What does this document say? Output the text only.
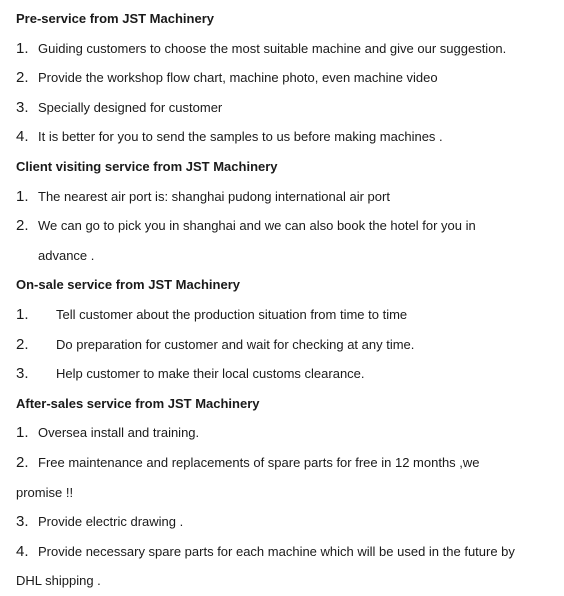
Pre-service from JST Machinery
1. Guiding customers to choose the most suitable machine and give our suggestion.
2. Provide the workshop flow chart, machine photo, even machine video
3. Specially designed for customer
4. It is better for you to send the samples to us before making machines .
Client visiting service from JST Machinery
1. The nearest air port is: shanghai pudong international air port
2. We can go to pick you in shanghai and we can also book the hotel for you in
advance .
On-sale service from JST Machinery
1. Tell customer about the production situation from time to time
2. Do preparation for customer and wait for checking at any time.
3. Help customer to make their local customs clearance.
After-sales service from JST Machinery
1. Oversea install and training.
2. Free maintenance and replacements of spare parts for free in 12 months ,we
promise !!
3. Provide electric drawing .
4. Provide necessary spare parts for each machine which will be used in the future by
DHL shipping .
